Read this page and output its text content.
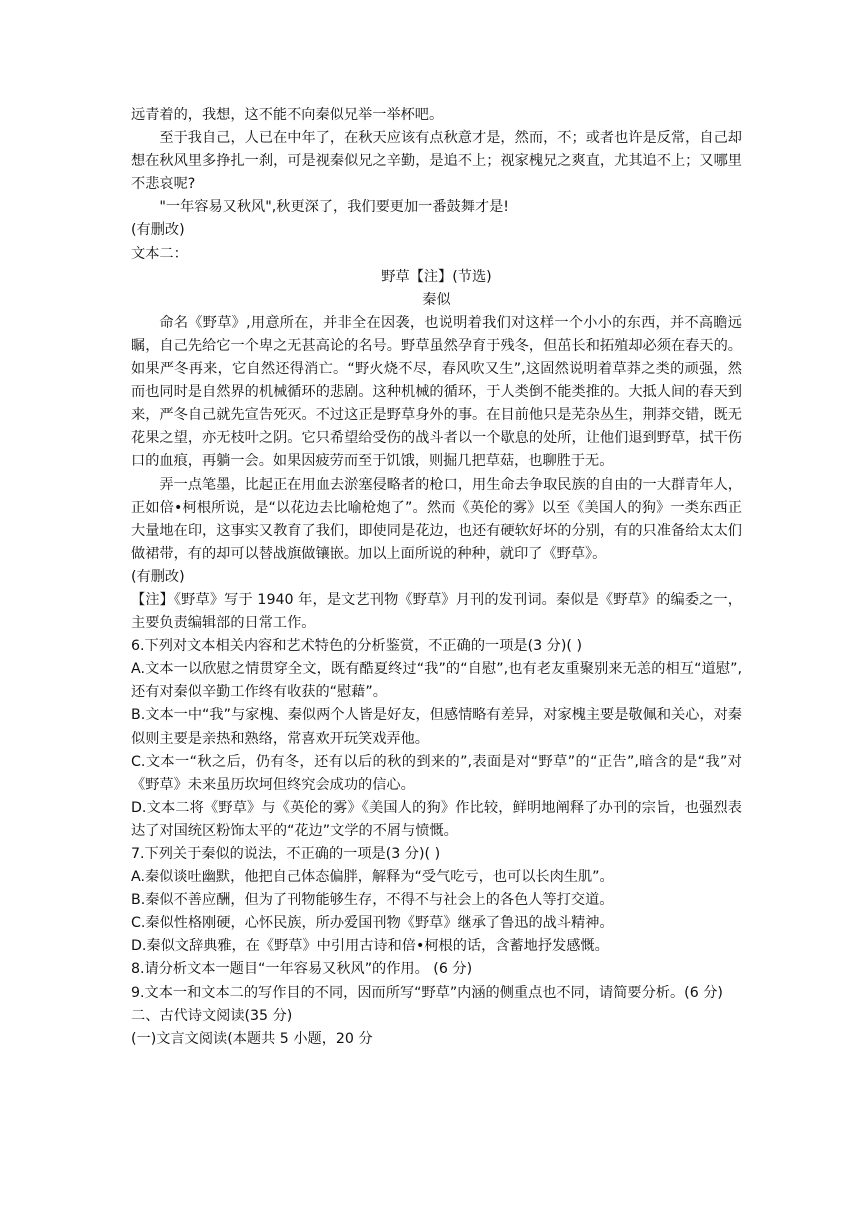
远青着的，我想，这不能不向秦似兄举一举杯吧。

至于我自己，人已在中年了，在秋天应该有点秋意才是，然而，不；或者也许是反常，自己却想在秋风里多挣扎一刹，可是视秦似兄之辛勤，是追不上；视家槐兄之爽直，尤其追不上；又哪里不悲哀呢?

"一年容易又秋风",秋更深了，我们要更加一番鼓舞才是!

(有删改)

文本二：

野草【注】(节选)

秦似

命名《野草》,用意所在，并非全在因袭，也说明着我们对这样一个小小的东西，并不高瞻远瞩，自己先给它一个卑之无甚高论的名号。野草虽然孕育于残冬，但茁长和拓殖却必须在春天的。如果严冬再来，它自然还得消亡。“野火烧不尽，春风吹又生”,这固然说明着草莽之类的顽强，然而也同时是自然界的机械循环的悲剧。这种机械的循环，于人类倒不能类推的。大抵人间的春天到来，严冬自己就先宣告死灭。不过这正是野草身外的事。在目前他只是芜杂丛生，荆莽交错，既无花果之望，亦无枝叶之阴。它只希望给受伤的战斗者以一个歇息的处所，让他们退到野草，拭干伤口的血痕，再躺一会。如果因疲劳而至于饥饿，则掘几把草菇，也聊胜于无。

弄一点笔墨，比起正在用血去淤塞侵略者的枪口，用生命去争取民族的自由的一大群青年人，正如倍•柯根所说，是“以花边去比喻枪炮了”。然而《英伦的雾》以至《美国人的狗》一类东西正大量地在印，这事实又教育了我们，即使同是花边，也还有硬软好坏的分别，有的只准备给太太们做裙带，有的却可以替战旗做镶嵌。加以上面所说的种种，就印了《野草》。

(有删改)

【注】《野草》写于 1940 年，是文艺刊物《野草》月刊的发刊词。秦似是《野草》的编委之一，主要负责编辑部的日常工作。

6.下列对文本相关内容和艺术特色的分析鉴赏，不正确的一项是(3 分)( )

A.文本一以欣慰之情贯穿全文，既有酷夏终过“我”的“自慰”,也有老友重聚别来无恙的相互“道慰”,还有对秦似辛勤工作终有收获的“慰藉”。

B.文本一中“我”与家槐、秦似两个人皆是好友，但感情略有差异，对家槐主要是敬佩和关心，对秦似则主要是亲热和熟络，常喜欢开玩笑戏弄他。

C.文本一“秋之后，仍有冬，还有以后的秋的到来的”,表面是对“野草”的“正告”,暗含的是“我”对《野草》未来虽历坎坷但终究会成功的信心。

D.文本二将《野草》与《英伦的雾》《美国人的狗》作比较，鲜明地阐释了办刊的宗旨，也强烈表达了对国统区粉饰太平的“花边”文学的不屑与愤慨。

7.下列关于秦似的说法，不正确的一项是(3 分)( )

A.秦似谈吐幽默，他把自己体态偏胖，解释为“受气吃亏，也可以长肉生肌”。

B.秦似不善应酬，但为了刊物能够生存，不得不与社会上的各色人等打交道。

C.秦似性格刚硬，心怀民族，所办爱国刊物《野草》继承了鲁迅的战斗精神。

D.秦似文辞典雅，在《野草》中引用古诗和倍•柯根的话，含蓄地抒发感慨。

8.请分析文本一题目“一年容易又秋风”的作用。 (6 分)

9.文本一和文本二的写作目的不同，因而所写“野草”内涵的侧重点也不同，请简要分析。(6 分)

二、古代诗文阅读(35 分)

(一)文言文阅读(本题共 5 小题，20 分
